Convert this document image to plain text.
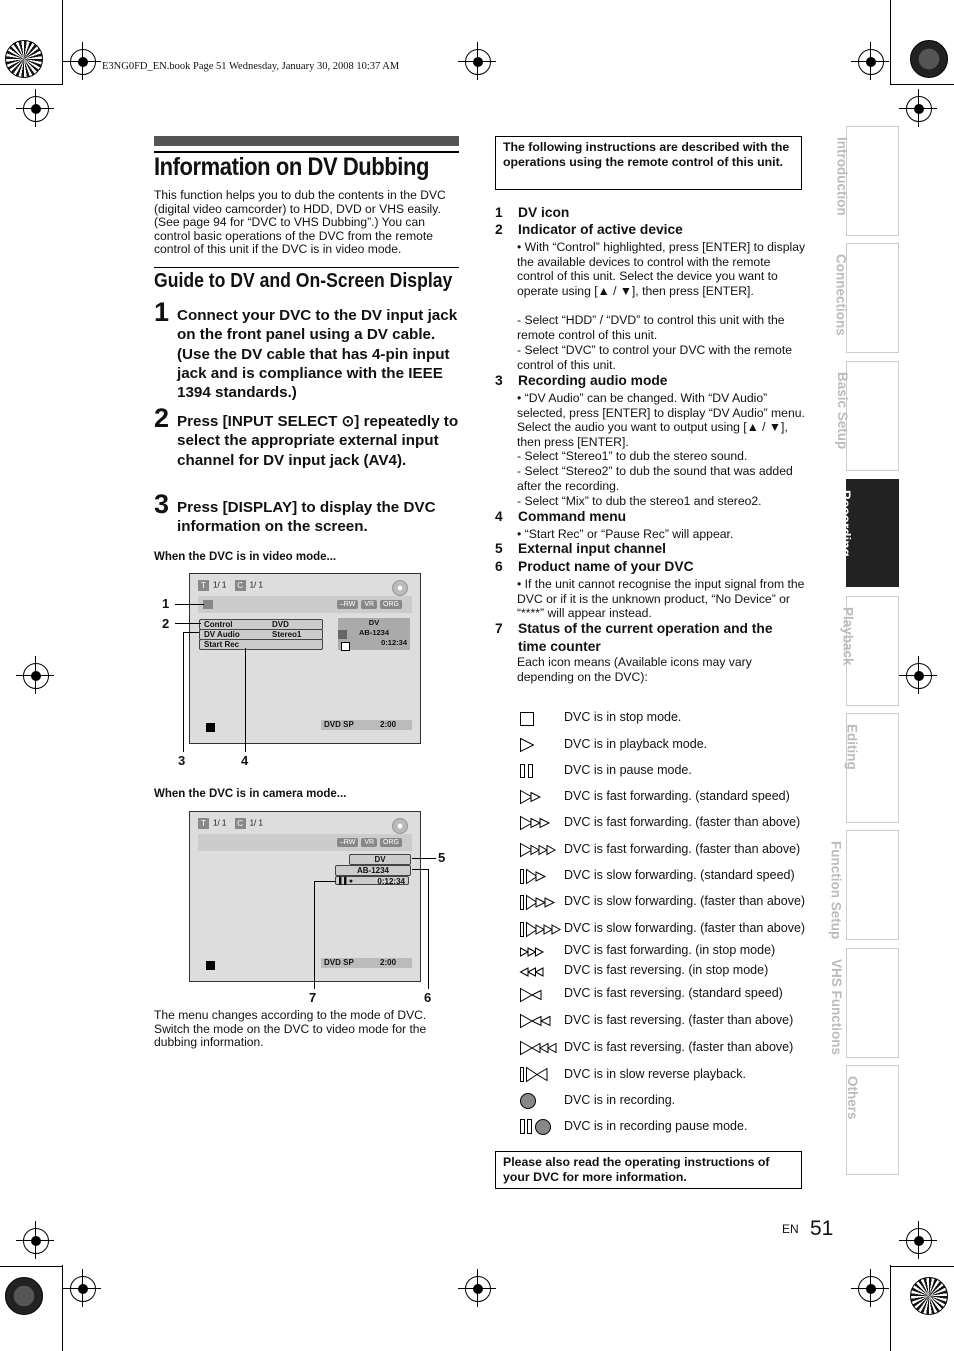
E3NG0FD_EN.book Page 51 Wednesday, January 30, 2008 10:37 AM
Information on DV Dubbing
This function helps you to dub the contents in the DVC (digital video camcorder) to HDD, DVD or VHS easily. (See page 94 for “DVC to VHS Dubbing”.) You can control basic operations of the DVC from the remote control of this unit if the DVC is in video mode.
Guide to DV and On-Screen Display
1 Connect your DVC to the DV input jack on the front panel using a DV cable. (Use the DV cable that has 4-pin input jack and is compliance with the IEEE 1394 standards.)
2 Press [INPUT SELECT ⊙] repeatedly to select the appropriate external input channel for DV input jack (AV4).
3 Press [DISPLAY] to display the DVC information on the screen.
When the DVC is in video mode...
T 1/ 1 C 1/ 1
–RW VR ORG
Control	DVD
DV Audio	Stereo1
Start Rec
DV
AB-1234
0:12:34
DVD SP	2:00
1
2
3	4
When the DVC is in camera mode...
T 1/ 1 C 1/ 1
–RW VR ORG
DV
AB-1234
▌▌●	0:12:34
DVD SP	2:00
5
7	6
The menu changes according to the mode of DVC. Switch the mode on the DVC to video mode for the dubbing information.
The following instructions are described with the operations using the remote control of this unit.
1 DV icon
2 Indicator of active device
• With “Control” highlighted, press [ENTER] to display the available devices to control with the remote control of this unit. Select the device you want to operate using [▲ / ▼], then press [ENTER].
- Select “HDD” / “DVD” to control this unit with the remote control of this unit.
- Select “DVC” to control your DVC with the remote control of this unit.
3 Recording audio mode
• “DV Audio” can be changed. With “DV Audio” selected, press [ENTER] to display “DV Audio” menu. Select the audio you want to output using [▲ / ▼], then press [ENTER].
- Select “Stereo1” to dub the stereo sound.
- Select “Stereo2” to dub the sound that was added after the recording.
- Select “Mix” to dub the stereo1 and stereo2.
4 Command menu
• “Start Rec” or “Pause Rec” will appear.
5 External input channel
6 Product name of your DVC
• If the unit cannot recognise the input signal from the DVC or if it is the unknown product, “No Device” or “****” will appear instead.
7	Status of the current operation and the time counter
Each icon means (Available icons may vary depending on the DVC):
DVC is in stop mode.
DVC is in playback mode.
DVC is in pause mode.
DVC is fast forwarding. (standard speed)
DVC is fast forwarding. (faster than above)
DVC is fast forwarding. (faster than above)
DVC is slow forwarding. (standard speed)
DVC is slow forwarding. (faster than above)
DVC is slow forwarding. (faster than above)
DVC is fast forwarding. (in stop mode)
DVC is fast reversing. (in stop mode)
DVC is fast reversing. (standard speed)
DVC is fast reversing. (faster than above)
DVC is fast reversing. (faster than above)
DVC is in slow reverse playback.
DVC is in recording.
DVC is in recording pause mode.
Please also read the operating instructions of your DVC for more information.
Introduction
Connections
Basic Setup
Recording
Playback
Editing
Function Setup
VHS Functions
Others
EN 51
